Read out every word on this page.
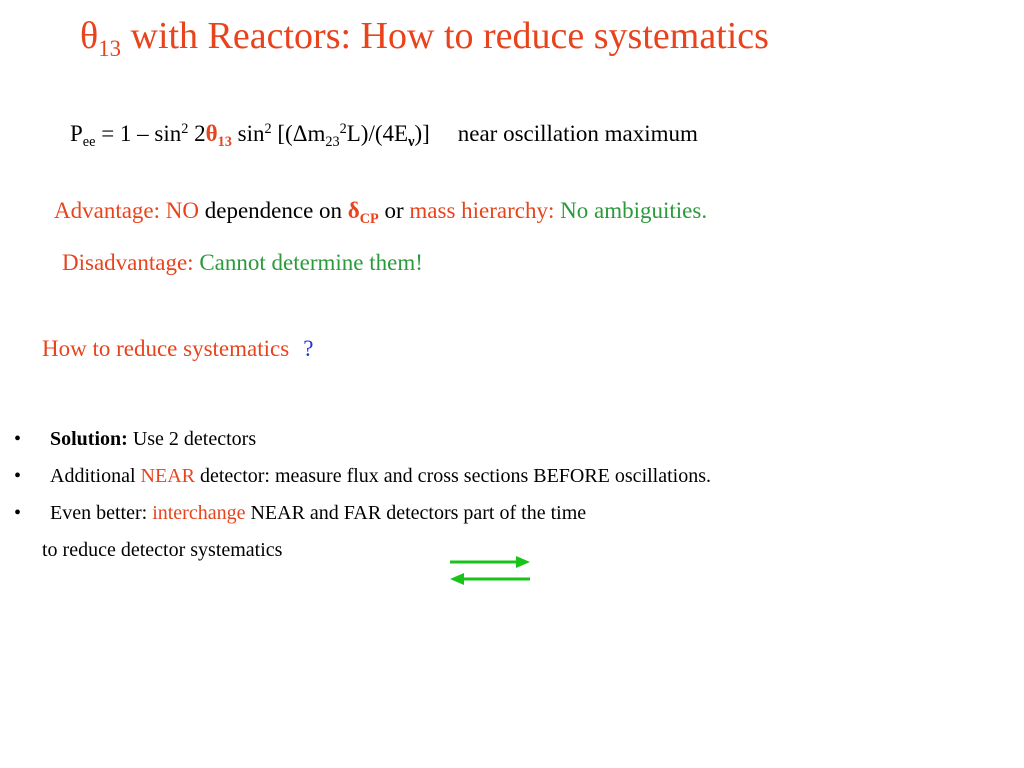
$\theta_{13}$ with Reactors: How to reduce systematics
$P_{ee} = 1 - \sin^2 2\theta_{13}$ $\sin^2 [(\Delta m_{23}^2L)/(4E_\nu)]$ near oscillation maximum
Advantage: NO dependence on $\delta_{CP}$ or mass hierarchy: No ambiguities.
Disadvantage: Cannot determine them!
How to reduce systematics ?
• Solution: Use 2 detectors
• Additional NEAR detector: measure flux and cross sections BEFORE oscillations.
• Even better: interchange NEAR and FAR detectors part of the time
to reduce detector systematics
